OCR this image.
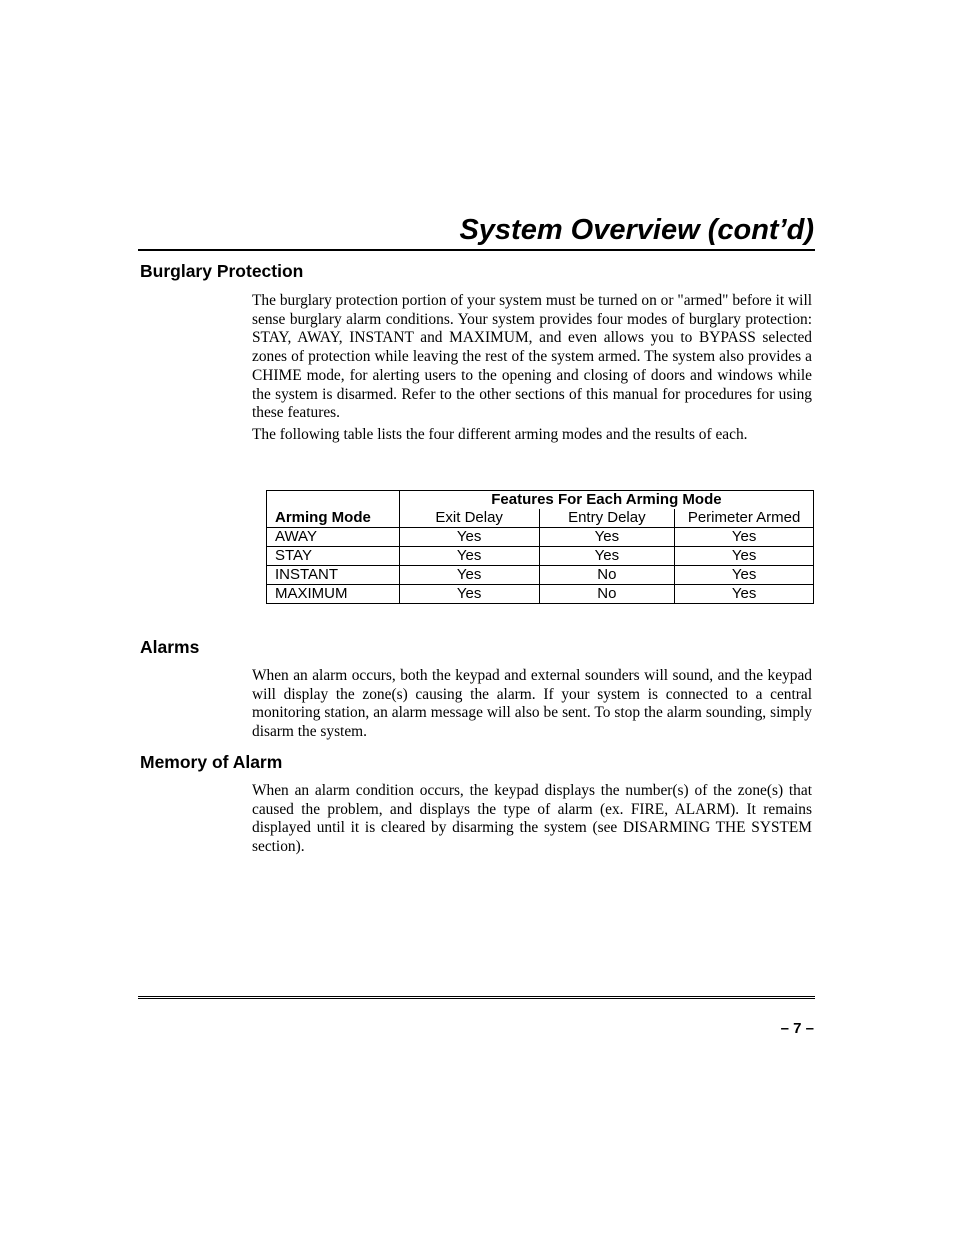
System Overview (cont’d)
Burglary Protection

The burglary protection portion of your system must be turned on or "armed" before it will sense burglary alarm conditions. Your system provides four modes of burglary protection: STAY, AWAY, INSTANT and MAXIMUM, and even allows you to BYPASS selected zones of protection while leaving the rest of the system armed. The system also provides a CHIME mode, for alerting users to the opening and closing of doors and windows while the system is disarmed. Refer to the other sections of this manual for procedures for using these features.

The following table lists the four different arming modes and the results of each.

	Features For Each Arming Mode		
Arming Mode	Exit Delay	Entry Delay	Perimeter Armed
AWAY	Yes	Yes	Yes
STAY	Yes	Yes	Yes
INSTANT	Yes	No	Yes
MAXIMUM	Yes	No	Yes
Alarms

When an alarm occurs, both the keypad and external sounders will sound, and the keypad will display the zone(s) causing the alarm. If your system is connected to a central monitoring station, an alarm message will also be sent. To stop the alarm sounding, simply disarm the system.

Memory of Alarm

When an alarm condition occurs, the keypad displays the number(s) of the zone(s) that caused the problem, and displays the type of alarm (ex. FIRE, ALARM). It remains displayed until it is cleared by disarming the system (see DISARMING THE SYSTEM section).

– 7 –
